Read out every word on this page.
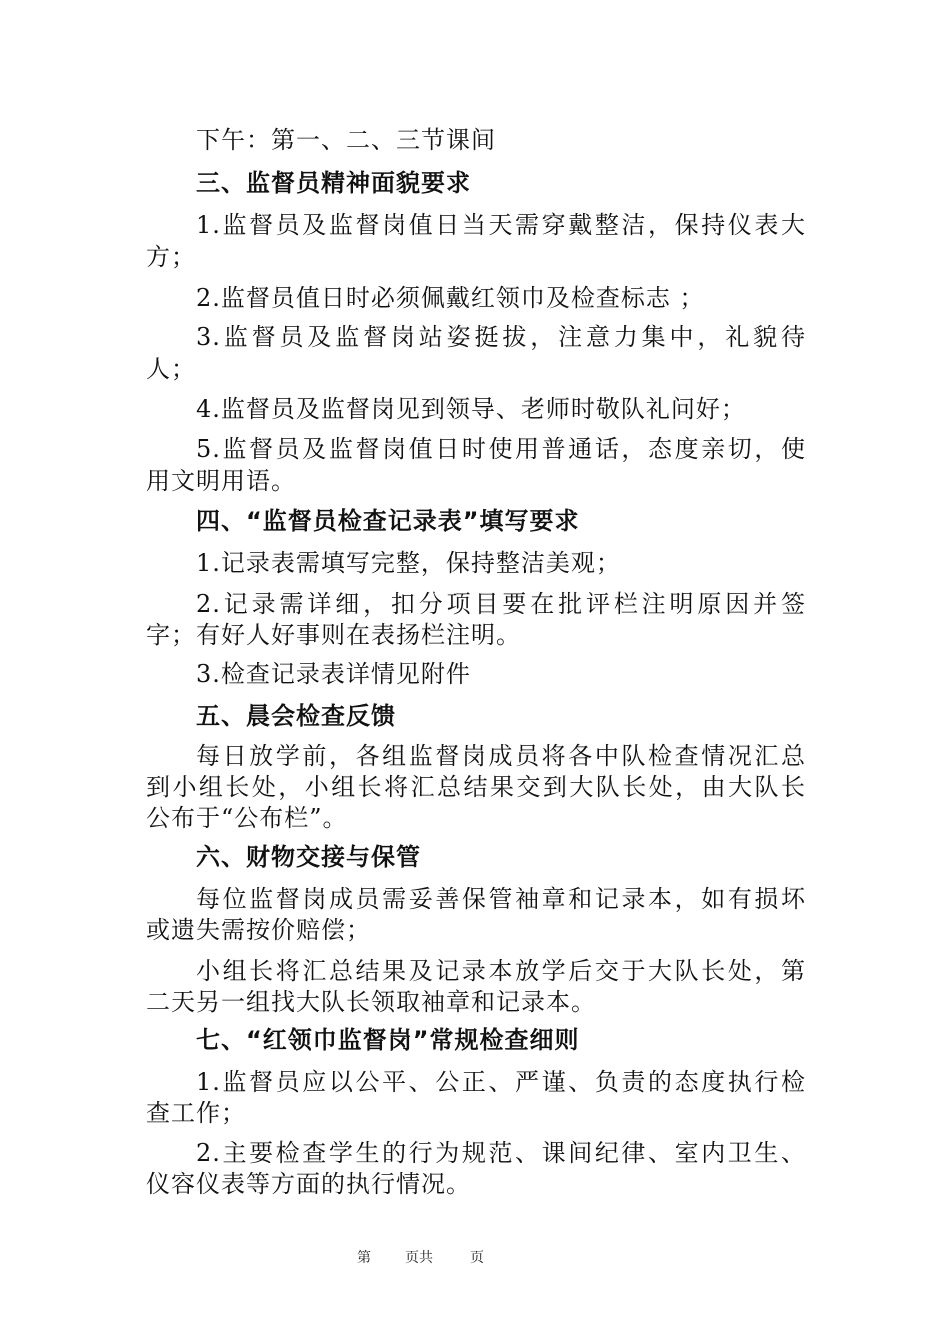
下午：第一、二、三节课间
三、监督员精神面貌要求
1.监督员及监督岗值日当天需穿戴整洁，保持仪表大
方；
2.监督员值日时必须佩戴红领巾及检查标志 ；
3.监督员及监督岗站姿挺拔，注意力集中，礼貌待
人；
4.监督员及监督岗见到领导、老师时敬队礼问好；
5.监督员及监督岗值日时使用普通话，态度亲切，使
用文明用语。
四、“监督员检查记录表”填写要求
1.记录表需填写完整，保持整洁美观；
2.记录需详细，扣分项目要在批评栏注明原因并签
字；有好人好事则在表扬栏注明。
3.检查记录表详情见附件
五、晨会检查反馈
每日放学前，各组监督岗成员将各中队检查情况汇总
到小组长处，小组长将汇总结果交到大队长处，由大队长
公布于“公布栏”。
六、财物交接与保管
每位监督岗成员需妥善保管袖章和记录本，如有损坏
或遗失需按价赔偿；
小组长将汇总结果及记录本放学后交于大队长处，第
二天另一组找大队长领取袖章和记录本。
七、“红领巾监督岗”常规检查细则
1.监督员应以公平、公正、严谨、负责的态度执行检
查工作；
2.主要检查学生的行为规范、课间纪律、室内卫生、
仪容仪表等方面的执行情况。
第 页共	页
